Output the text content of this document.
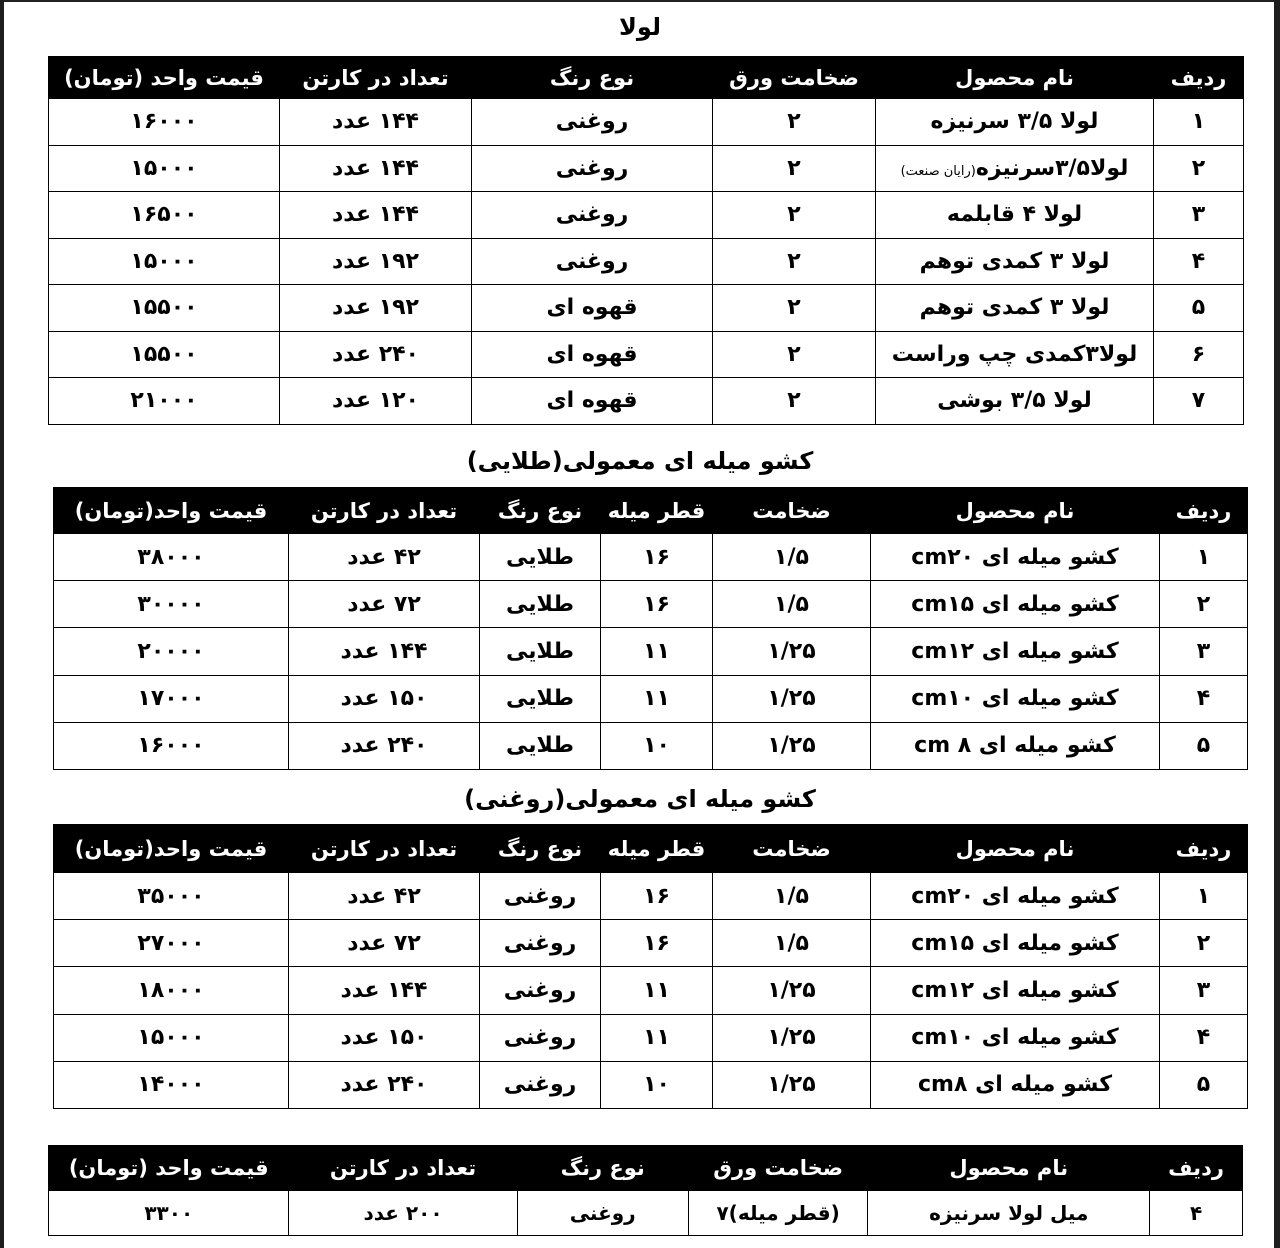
لولا
ردیف	نام محصول	ضخامت ورق	نوع رنگ	تعداد در کارتن	قیمت واحد (تومان)
۱	لولا ۳/۵ سرنیزه	۲	روغنی	۱۴۴ عدد	۱۶۰۰۰
۲	لولا۳/۵سرنیزه(رایان صنعت)	۲	روغنی	۱۴۴ عدد	۱۵۰۰۰
۳	لولا ۴ قابلمه	۲	روغنی	۱۴۴ عدد	۱۶۵۰۰
۴	لولا ۳ کمدی توهم	۲	روغنی	۱۹۲ عدد	۱۵۰۰۰
۵	لولا ۳ کمدی توهم	۲	قهوه ای	۱۹۲ عدد	۱۵۵۰۰
۶	لولا۳کمدی چپ وراست	۲	قهوه ای	۲۴۰ عدد	۱۵۵۰۰
۷	لولا ۳/۵ بوشی	۲	قهوه ای	۱۲۰ عدد	۲۱۰۰۰
کشو میله ای معمولی(طلایی)
ردیف	نام محصول	ضخامت	قطر میله	نوع رنگ	تعداد در کارتن	قیمت واحد(تومان)
۱	کشو میله ای cm۲۰	۱/۵	۱۶	طلایی	۴۲ عدد	۳۸۰۰۰
۲	کشو میله ای cm۱۵	۱/۵	۱۶	طلایی	۷۲ عدد	۳۰۰۰۰
۳	کشو میله ای cm۱۲	۱/۲۵	۱۱	طلایی	۱۴۴ عدد	۲۰۰۰۰
۴	کشو میله ای cm۱۰	۱/۲۵	۱۱	طلایی	۱۵۰ عدد	۱۷۰۰۰
۵	کشو میله ای ۸ cm	۱/۲۵	۱۰	طلایی	۲۴۰ عدد	۱۶۰۰۰
کشو میله ای معمولی(روغنی)
ردیف	نام محصول	ضخامت	قطر میله	نوع رنگ	تعداد در کارتن	قیمت واحد(تومان)
۱	کشو میله ای cm۲۰	۱/۵	۱۶	روغنی	۴۲ عدد	۳۵۰۰۰
۲	کشو میله ای cm۱۵	۱/۵	۱۶	روغنی	۷۲ عدد	۲۷۰۰۰
۳	کشو میله ای cm۱۲	۱/۲۵	۱۱	روغنی	۱۴۴ عدد	۱۸۰۰۰
۴	کشو میله ای cm۱۰	۱/۲۵	۱۱	روغنی	۱۵۰ عدد	۱۵۰۰۰
۵	کشو میله ای cm۸	۱/۲۵	۱۰	روغنی	۲۴۰ عدد	۱۴۰۰۰
ردیف	نام محصول	ضخامت ورق	نوع رنگ	تعداد در کارتن	قیمت واحد (تومان)
۴	میل لولا سرنیزه	(قطر میله)۷	روغنی	۲۰۰ عدد	۳۳۰۰
